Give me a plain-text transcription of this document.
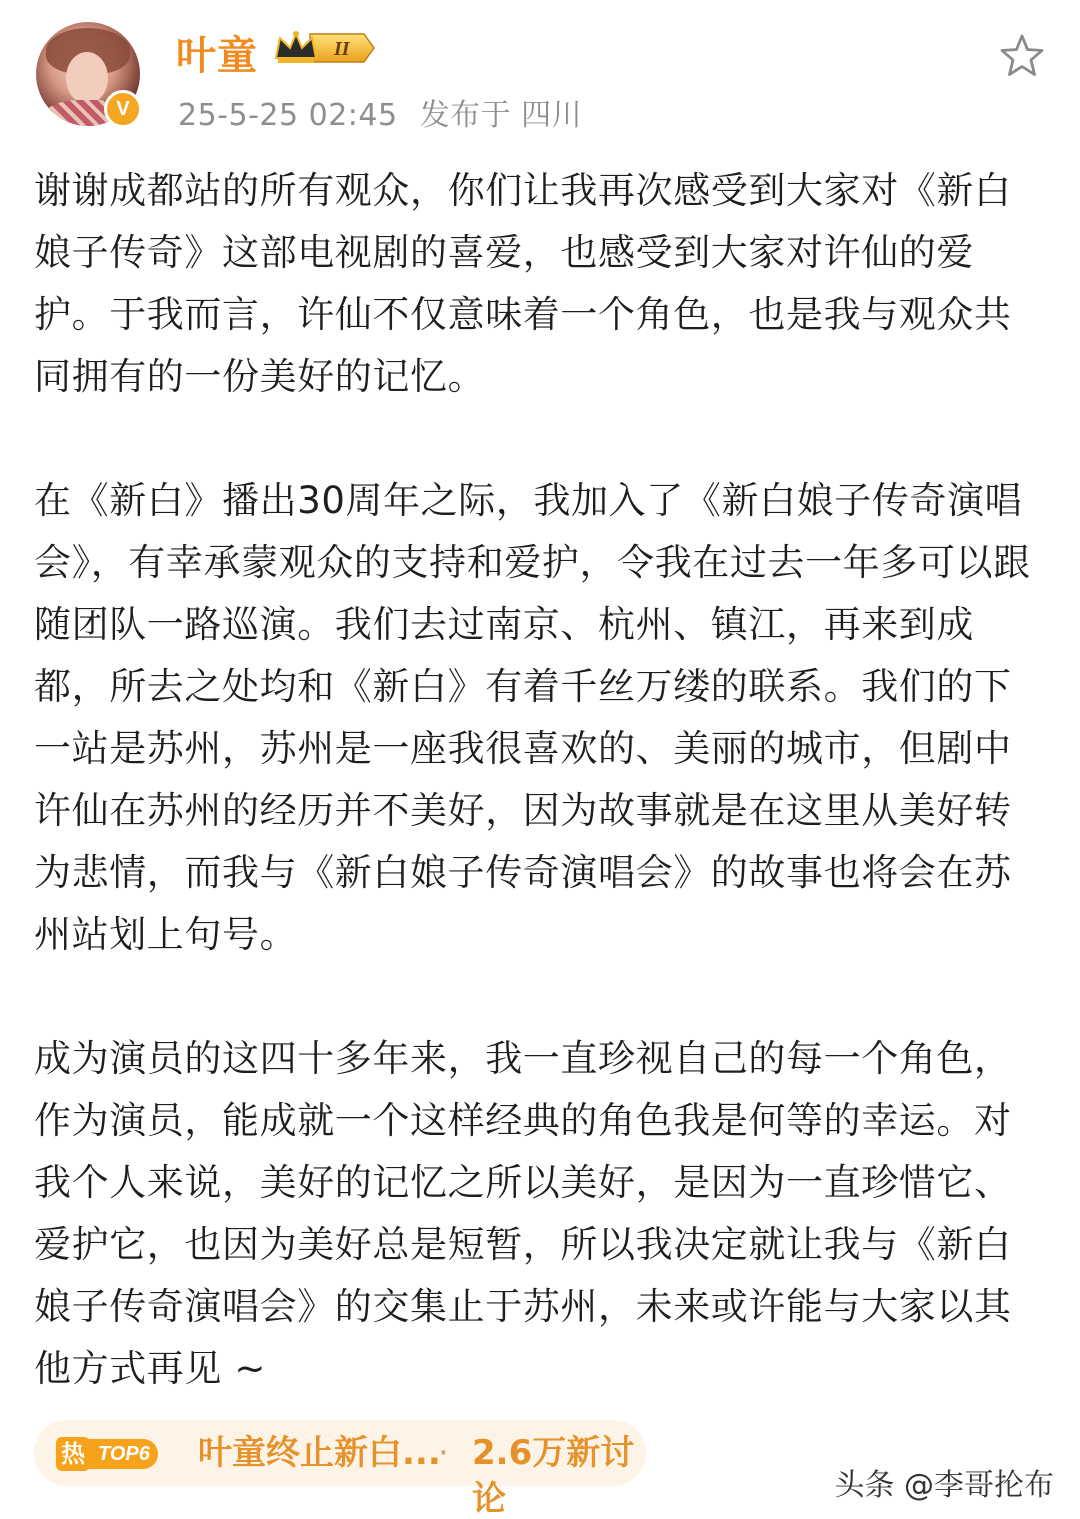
V
叶童	II
25-5-25 02:45 发布于 四川

谢谢成都站的所有观众，你们让我再次感受到大家对《新白娘子传奇》这部电视剧的喜爱，也感受到大家对许仙的爱护。于我而言，许仙不仅意味着一个角色，也是我与观众共同拥有的一份美好的记忆。

在《新白》播出30周年之际，我加入了《新白娘子传奇演唱会》，有幸承蒙观众的支持和爱护，令我在过去一年多可以跟随团队一路巡演。我们去过南京、杭州、镇江，再来到成都，所去之处均和《新白》有着千丝万缕的联系。我们的下一站是苏州，苏州是一座我很喜欢的、美丽的城市，但剧中许仙在苏州的经历并不美好，因为故事就是在这里从美好转为悲情，而我与《新白娘子传奇演唱会》的故事也将会在苏州站划上句号。

成为演员的这四十多年来，我一直珍视自己的每一个角色，作为演员，能成就一个这样经典的角色我是何等的幸运。对我个人来说，美好的记忆之所以美好，是因为一直珍惜它、爱护它，也因为美好总是短暂，所以我决定就让我与《新白娘子传奇演唱会》的交集止于苏州，未来或许能与大家以其他方式再见 ~

热 TOP6 叶童终止新白...
· 2.6万新讨论	头条 @李哥抡布
